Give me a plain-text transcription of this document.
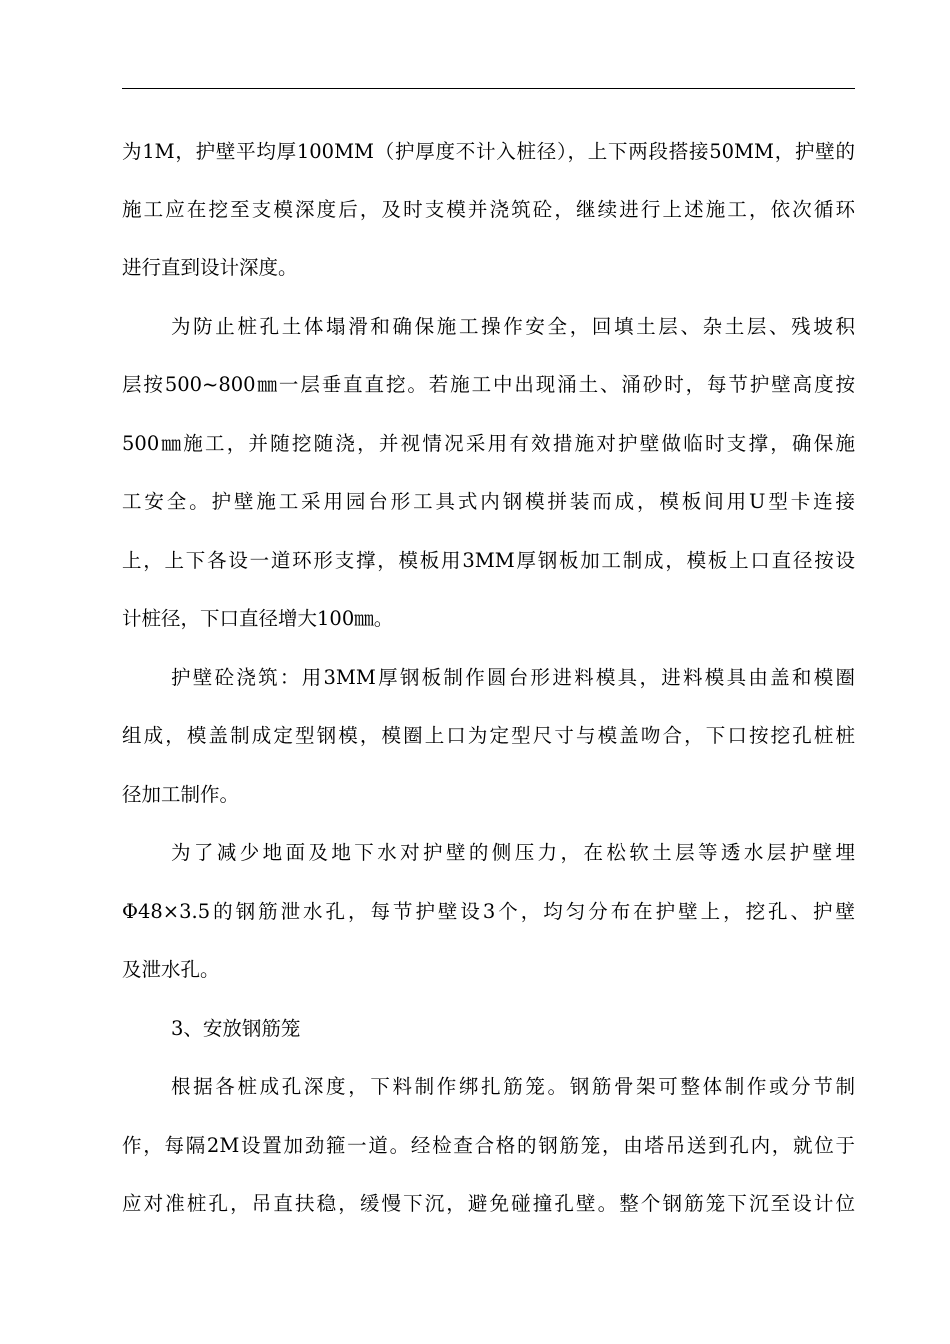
为1M，护壁平均厚100MM（护厚度不计入桩径），上下两段搭接50MM，护壁的
施工应在挖至支模深度后，及时支模并浇筑砼，继续进行上述施工，依次循环
进行直到设计深度。
为防止桩孔土体塌滑和确保施工操作安全，回填土层、杂土层、残坡积
层按500~800㎜一层垂直直挖。若施工中出现涌土、涌砂时，每节护壁高度按
500㎜施工，并随挖随浇，并视情况采用有效措施对护壁做临时支撑，确保施
工安全。护壁施工采用园台形工具式内钢模拼装而成，模板间用U型卡连接
上，上下各设一道环形支撑，模板用3MM厚钢板加工制成，模板上口直径按设
计桩径，下口直径增大100㎜。
护壁砼浇筑：用3MM厚钢板制作圆台形进料模具，进料模具由盖和模圈
组成，模盖制成定型钢模，模圈上口为定型尺寸与模盖吻合，下口按挖孔桩桩
径加工制作。
为了减少地面及地下水对护壁的侧压力，在松软土层等透水层护壁埋
Φ48×3.5的钢筋泄水孔，每节护壁设3个，均匀分布在护壁上，挖孔、护壁
及泄水孔。
3、安放钢筋笼
根据各桩成孔深度，下料制作绑扎筋笼。钢筋骨架可整体制作或分节制
作，每隔2M设置加劲箍一道。经检查合格的钢筋笼，由塔吊送到孔内，就位于
应对准桩孔，吊直扶稳，缓慢下沉，避免碰撞孔壁。整个钢筋笼下沉至设计位
